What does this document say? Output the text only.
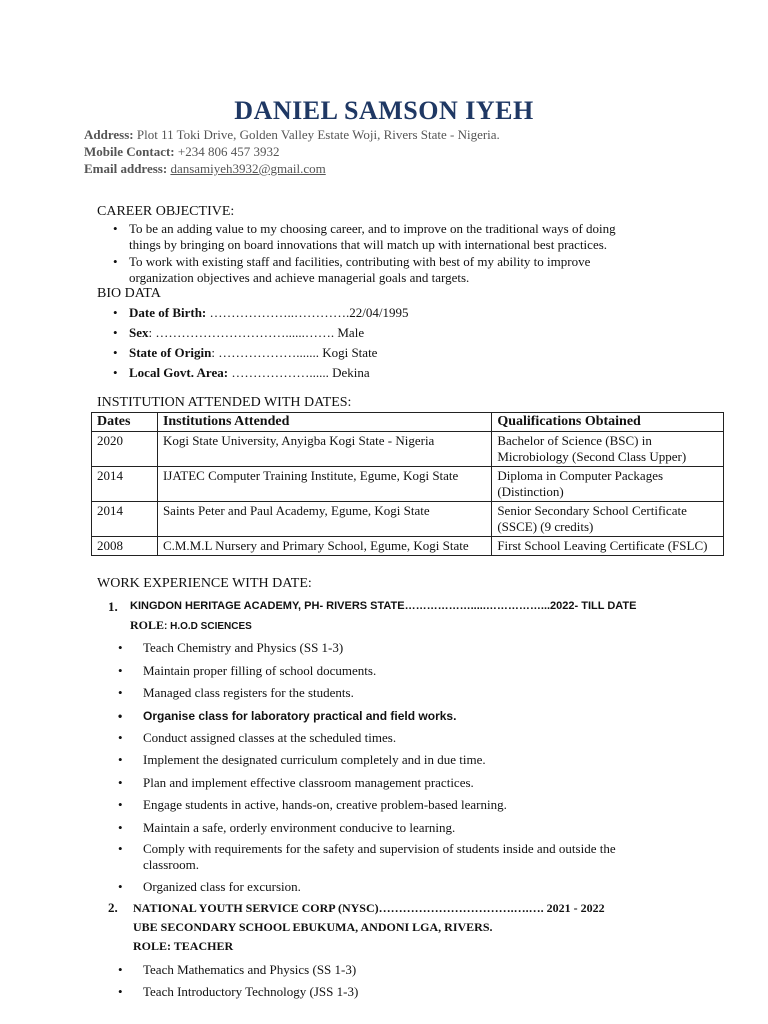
DANIEL SAMSON IYEH
Address: Plot 11 Toki Drive, Golden Valley Estate Woji, Rivers State - Nigeria.
Mobile Contact: +234 806 457 3932
Email address: dansamiyeh3932@gmail.com
CAREER OBJECTIVE:
• To be an adding value to my choosing career, and to improve on the traditional ways of doing things by bringing on board innovations that will match up with international best practices.
• To work with existing staff and facilities, contributing with best of my ability to improve organization objectives and achieve managerial goals and targets.
BIO DATA
• Date of Birth: ………………..………….22/04/1995
• Sex: …………………………......……. Male
• State of Origin: ………………....... Kogi State
• Local Govt. Area: ………………...... Dekina
INSTITUTION ATTENDED WITH DATES:
Dates	Institutions Attended	Qualifications Obtained
2020	Kogi State University, Anyigba Kogi State - Nigeria	Bachelor of Science (BSC) in Microbiology (Second Class Upper)
2014	IJATEC Computer Training Institute, Egume, Kogi State	Diploma in Computer Packages (Distinction)
2014	Saints Peter and Paul Academy, Egume, Kogi State	Senior Secondary School Certificate (SSCE) (9 credits)
2008	C.M.M.L Nursery and Primary School, Egume, Kogi State	First School Leaving Certificate (FSLC)
WORK EXPERIENCE WITH DATE:
1. KINGDON HERITAGE ACADEMY, PH- RIVERS STATE……………….....……………...2022- TILL DATE
ROLE: H.O.D SCIENCES
•	Teach Chemistry and Physics (SS 1-3)
•	Maintain proper filling of school documents.
•	Managed class registers for the students.
•	Organise class for laboratory practical and field works.
•	Conduct assigned classes at the scheduled times.
•	Implement the designated curriculum completely and in due time.
•	Plan and implement effective classroom management practices.
•	Engage students in active, hands-on, creative problem-based learning.
•	Maintain a safe, orderly environment conducive to learning.
•	Comply with requirements for the safety and supervision of students inside and outside the classroom.
•	Organized class for excursion.
2. NATIONAL YOUTH SERVICE CORP (NYSC)…………………………….….…. 2021 - 2022
UBE SECONDARY SCHOOL EBUKUMA, ANDONI LGA, RIVERS.
ROLE: TEACHER
•	Teach Mathematics and Physics (SS 1-3)
•	Teach Introductory Technology (JSS 1-3)
